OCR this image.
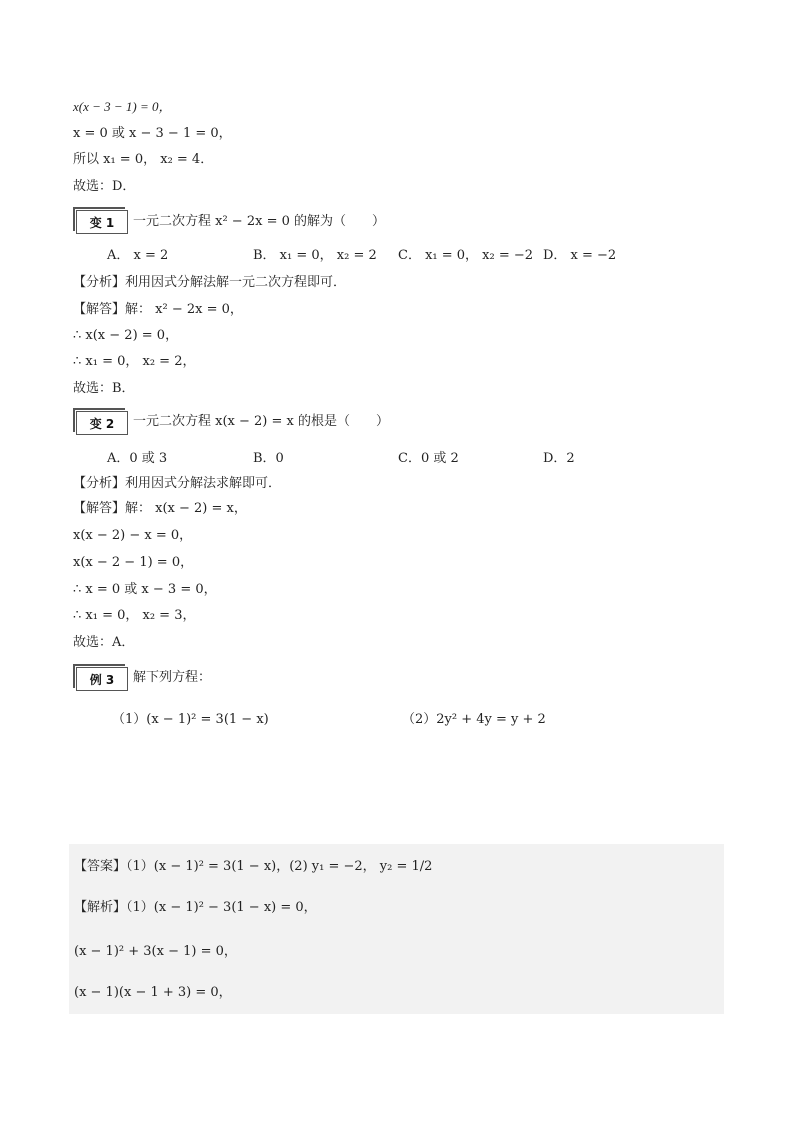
x(x − 3 − 1) = 0，
x = 0 或 x − 3 − 1 = 0，
所以 x₁ = 0， x₂ = 4．
故选：D．
变 1	一元二次方程 x² − 2x = 0 的解为（　　）
A． x = 2	B． x₁ = 0， x₂ = 2 C． x₁ = 0， x₂ = −2 D． x = −2
【分析】利用因式分解法解一元二次方程即可．
【解答】解： x² − 2x = 0，
∴ x(x − 2) = 0，
∴ x₁ = 0， x₂ = 2，
故选：B．
变 2	一元二次方程 x(x − 2) = x 的根是（　　）
A．0 或 3	B．0	C．0 或 2	D．2
【分析】利用因式分解法求解即可．
【解答】解： x(x − 2) = x，
x(x − 2) − x = 0，
x(x − 2 − 1) = 0，
∴ x = 0 或 x − 3 = 0，
∴ x₁ = 0， x₂ = 3，
故选：A．
例 3	解下列方程：
（1）(x − 1)² = 3(1 − x)	（2）2y² + 4y = y + 2
【答案】（1）(x − 1)² = 3(1 − x)，(2) y₁ = −2， y₂ = 1/2
【解析】（1）(x − 1)² − 3(1 − x) = 0，
(x − 1)² + 3(x − 1) = 0，
(x − 1)(x − 1 + 3) = 0，
